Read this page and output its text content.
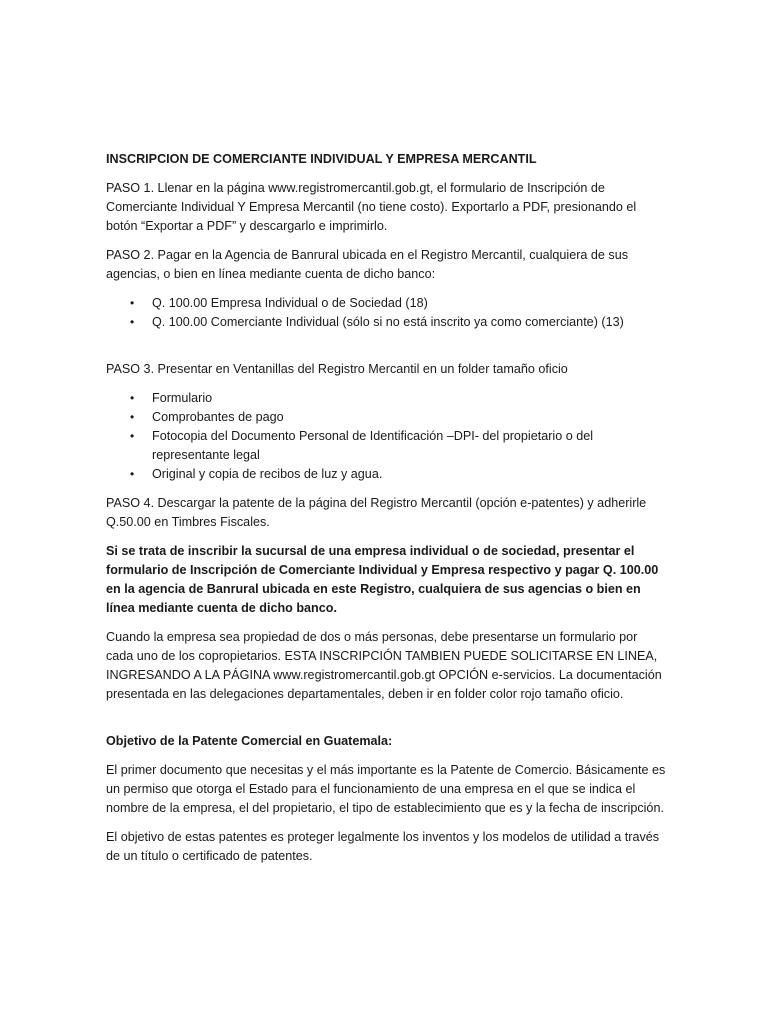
INSCRIPCION DE COMERCIANTE INDIVIDUAL Y EMPRESA MERCANTIL

PASO 1. Llenar en la página www.registromercantil.gob.gt, el formulario de Inscripción de Comerciante Individual Y Empresa Mercantil (no tiene costo). Exportarlo a PDF, presionando el botón “Exportar a PDF” y descargarlo e imprimirlo.

PASO 2. Pagar en la Agencia de Banrural ubicada en el Registro Mercantil, cualquiera de sus agencias, o bien en línea mediante cuenta de dicho banco:

• Q. 100.00 Empresa Individual o de Sociedad (18)
• Q. 100.00 Comerciante Individual (sólo si no está inscrito ya como comerciante) (13)

PASO 3. Presentar en Ventanillas del Registro Mercantil en un folder tamaño oficio

• Formulario
• Comprobantes de pago
• Fotocopia del Documento Personal de Identificación –DPI- del propietario o del representante legal
• Original y copia de recibos de luz y agua.

PASO 4. Descargar la patente de la página del Registro Mercantil (opción e-patentes) y adherirle Q.50.00 en Timbres Fiscales.

Si se trata de inscribir la sucursal de una empresa individual o de sociedad, presentar el formulario de Inscripción de Comerciante Individual y Empresa respectivo y pagar Q. 100.00 en la agencia de Banrural ubicada en este Registro, cualquiera de sus agencias o bien en línea mediante cuenta de dicho banco.

Cuando la empresa sea propiedad de dos o más personas, debe presentarse un formulario por cada uno de los copropietarios. ESTA INSCRIPCIÓN TAMBIEN PUEDE SOLICITARSE EN LINEA, INGRESANDO A LA PÁGINA www.registromercantil.gob.gt OPCIÓN e-servicios. La documentación presentada en las delegaciones departamentales, deben ir en folder color rojo tamaño oficio.

Objetivo de la Patente Comercial en Guatemala:

El primer documento que necesitas y el más importante es la Patente de Comercio. Básicamente es un permiso que otorga el Estado para el funcionamiento de una empresa en el que se indica el nombre de la empresa, el del propietario, el tipo de establecimiento que es y la fecha de inscripción.

El objetivo de estas patentes es proteger legalmente los inventos y los modelos de utilidad a través de un título o certificado de patentes.
